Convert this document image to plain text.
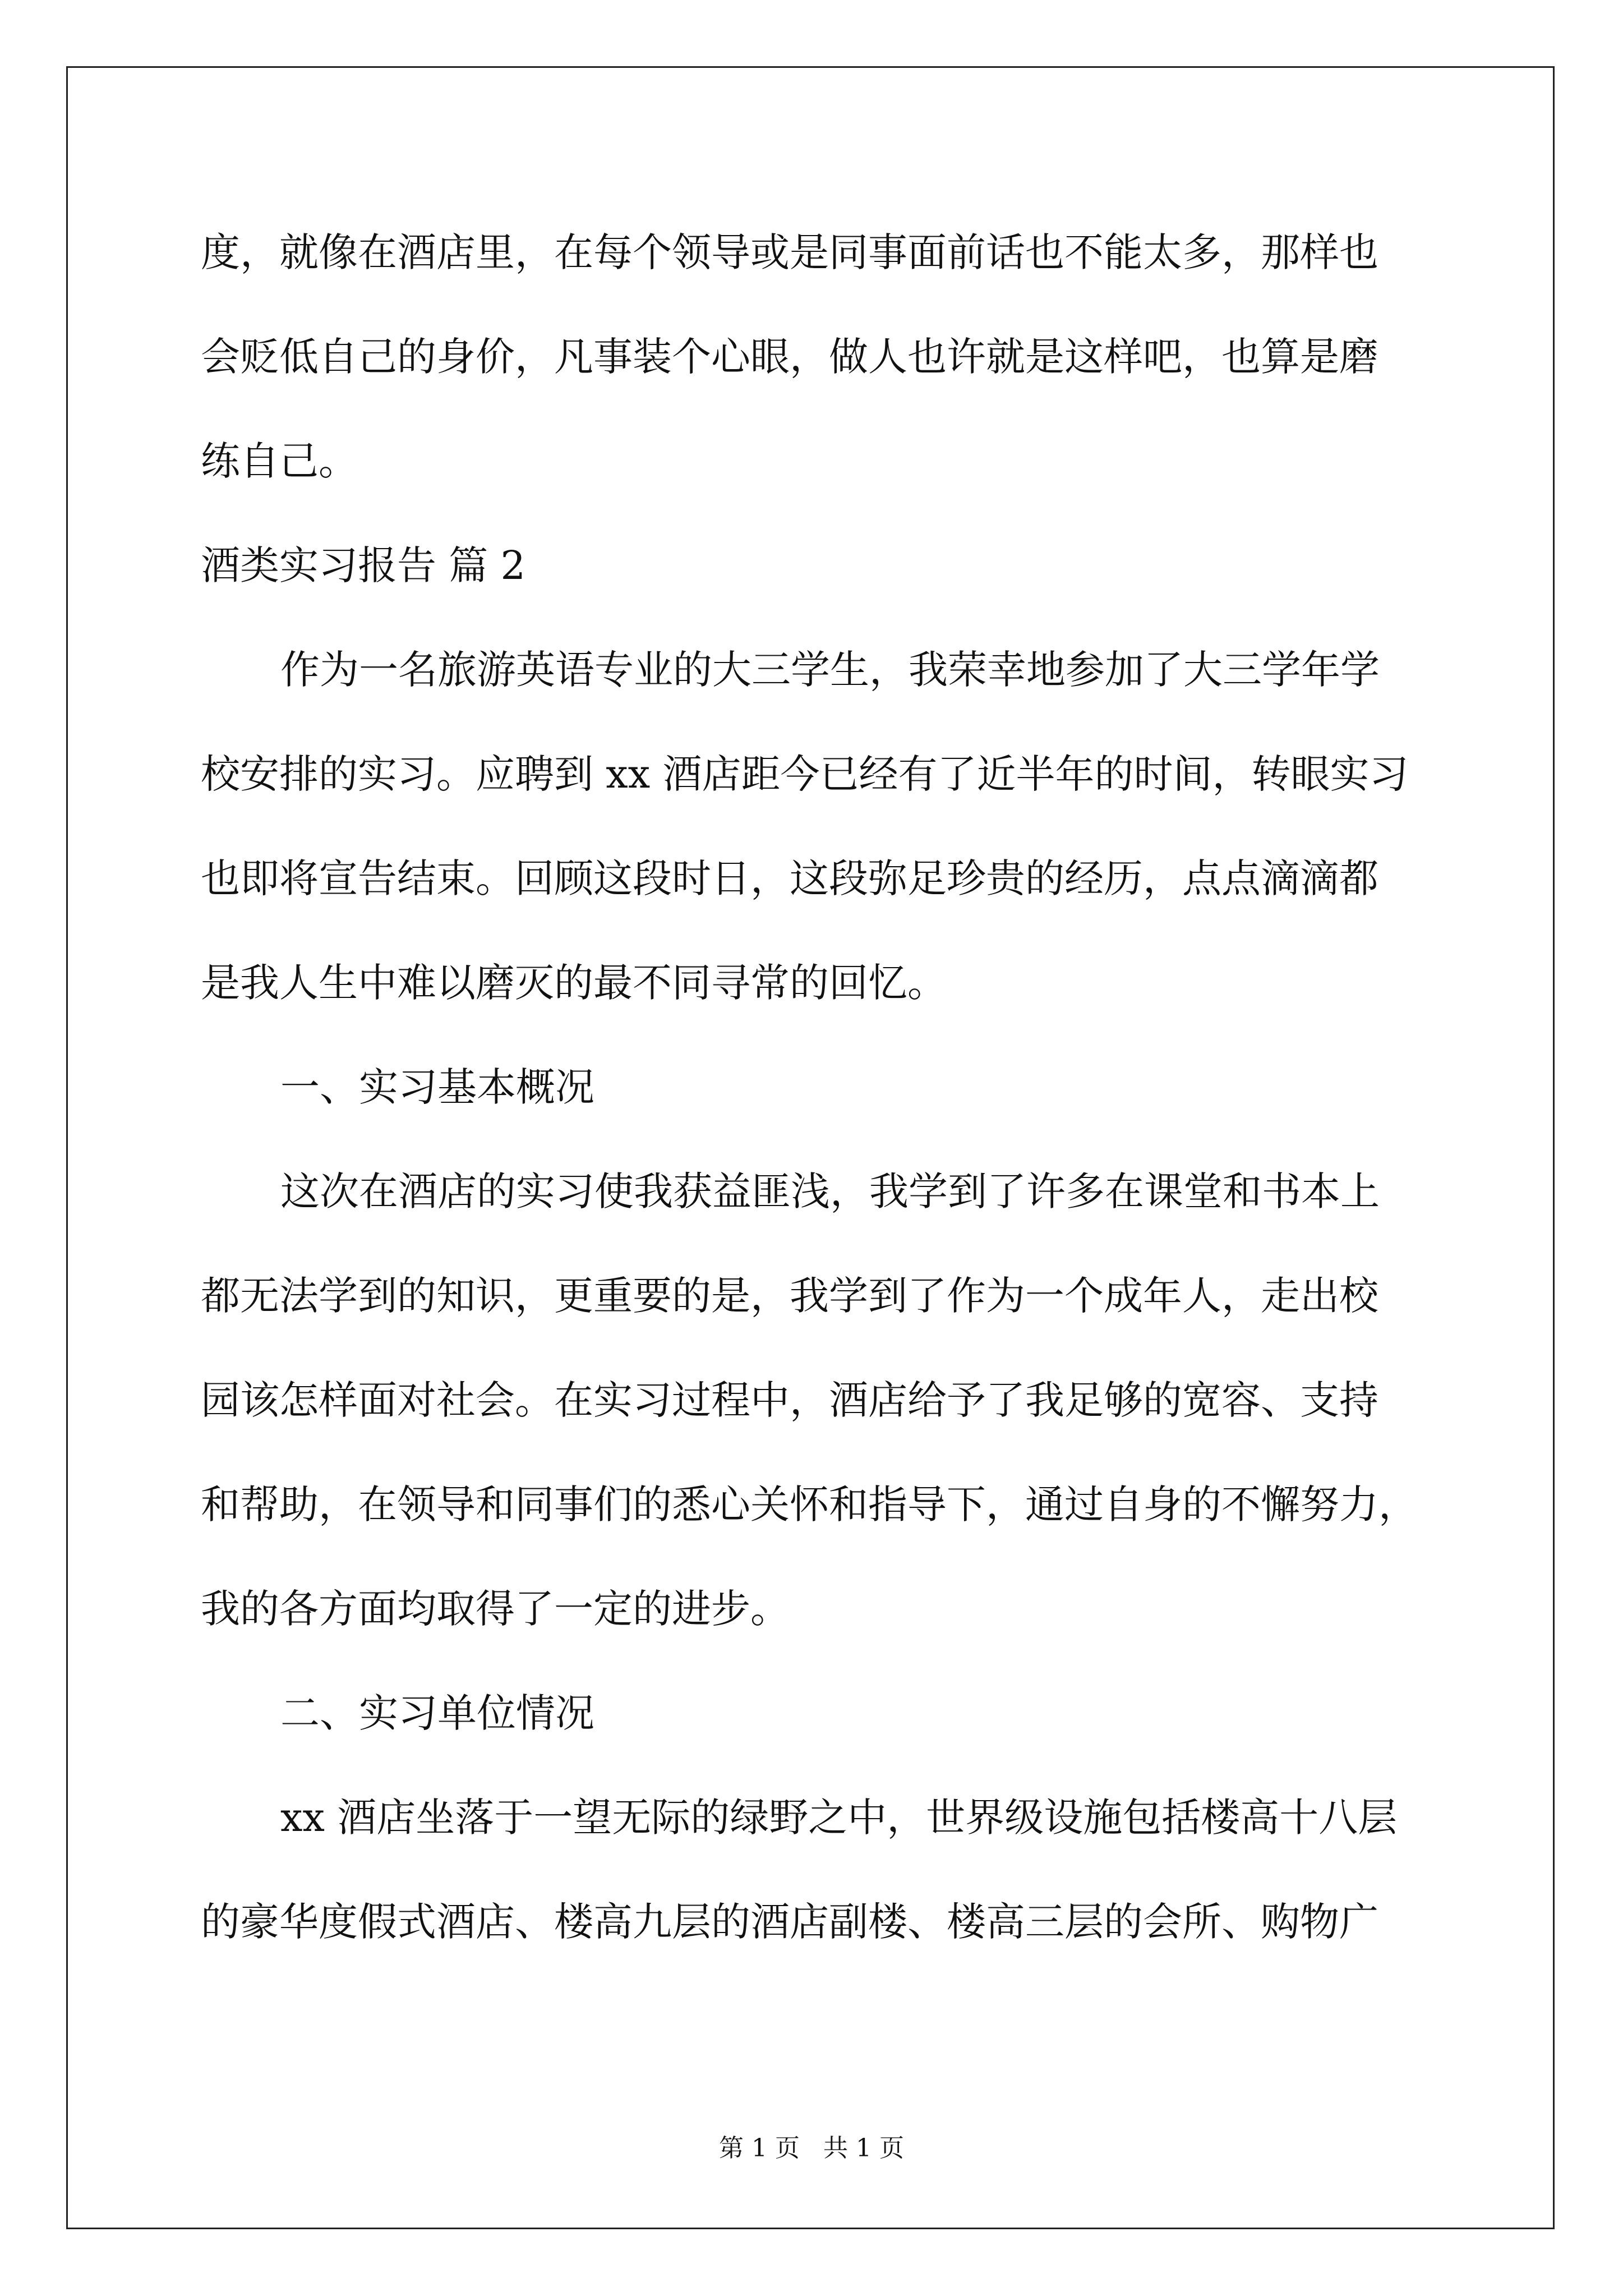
度，就像在酒店里，在每个领导或是同事面前话也不能太多，那样也
会贬低自己的身价，凡事装个心眼，做人也许就是这样吧，也算是磨
练自己。
酒类实习报告 篇 2
作为一名旅游英语专业的大三学生，我荣幸地参加了大三学年学
校安排的实习。应聘到 xx 酒店距今已经有了近半年的时间，转眼实习
也即将宣告结束。回顾这段时日，这段弥足珍贵的经历，点点滴滴都
是我人生中难以磨灭的最不同寻常的回忆。
一、实习基本概况
这次在酒店的实习使我获益匪浅，我学到了许多在课堂和书本上
都无法学到的知识，更重要的是，我学到了作为一个成年人，走出校
园该怎样面对社会。在实习过程中，酒店给予了我足够的宽容、支持
和帮助，在领导和同事们的悉心关怀和指导下，通过自身的不懈努力，
我的各方面均取得了一定的进步。
二、实习单位情况
xx 酒店坐落于一望无际的绿野之中，世界级设施包括楼高十八层
的豪华度假式酒店、楼高九层的酒店副楼、楼高三层的会所、购物广
第 1 页   共 1 页
